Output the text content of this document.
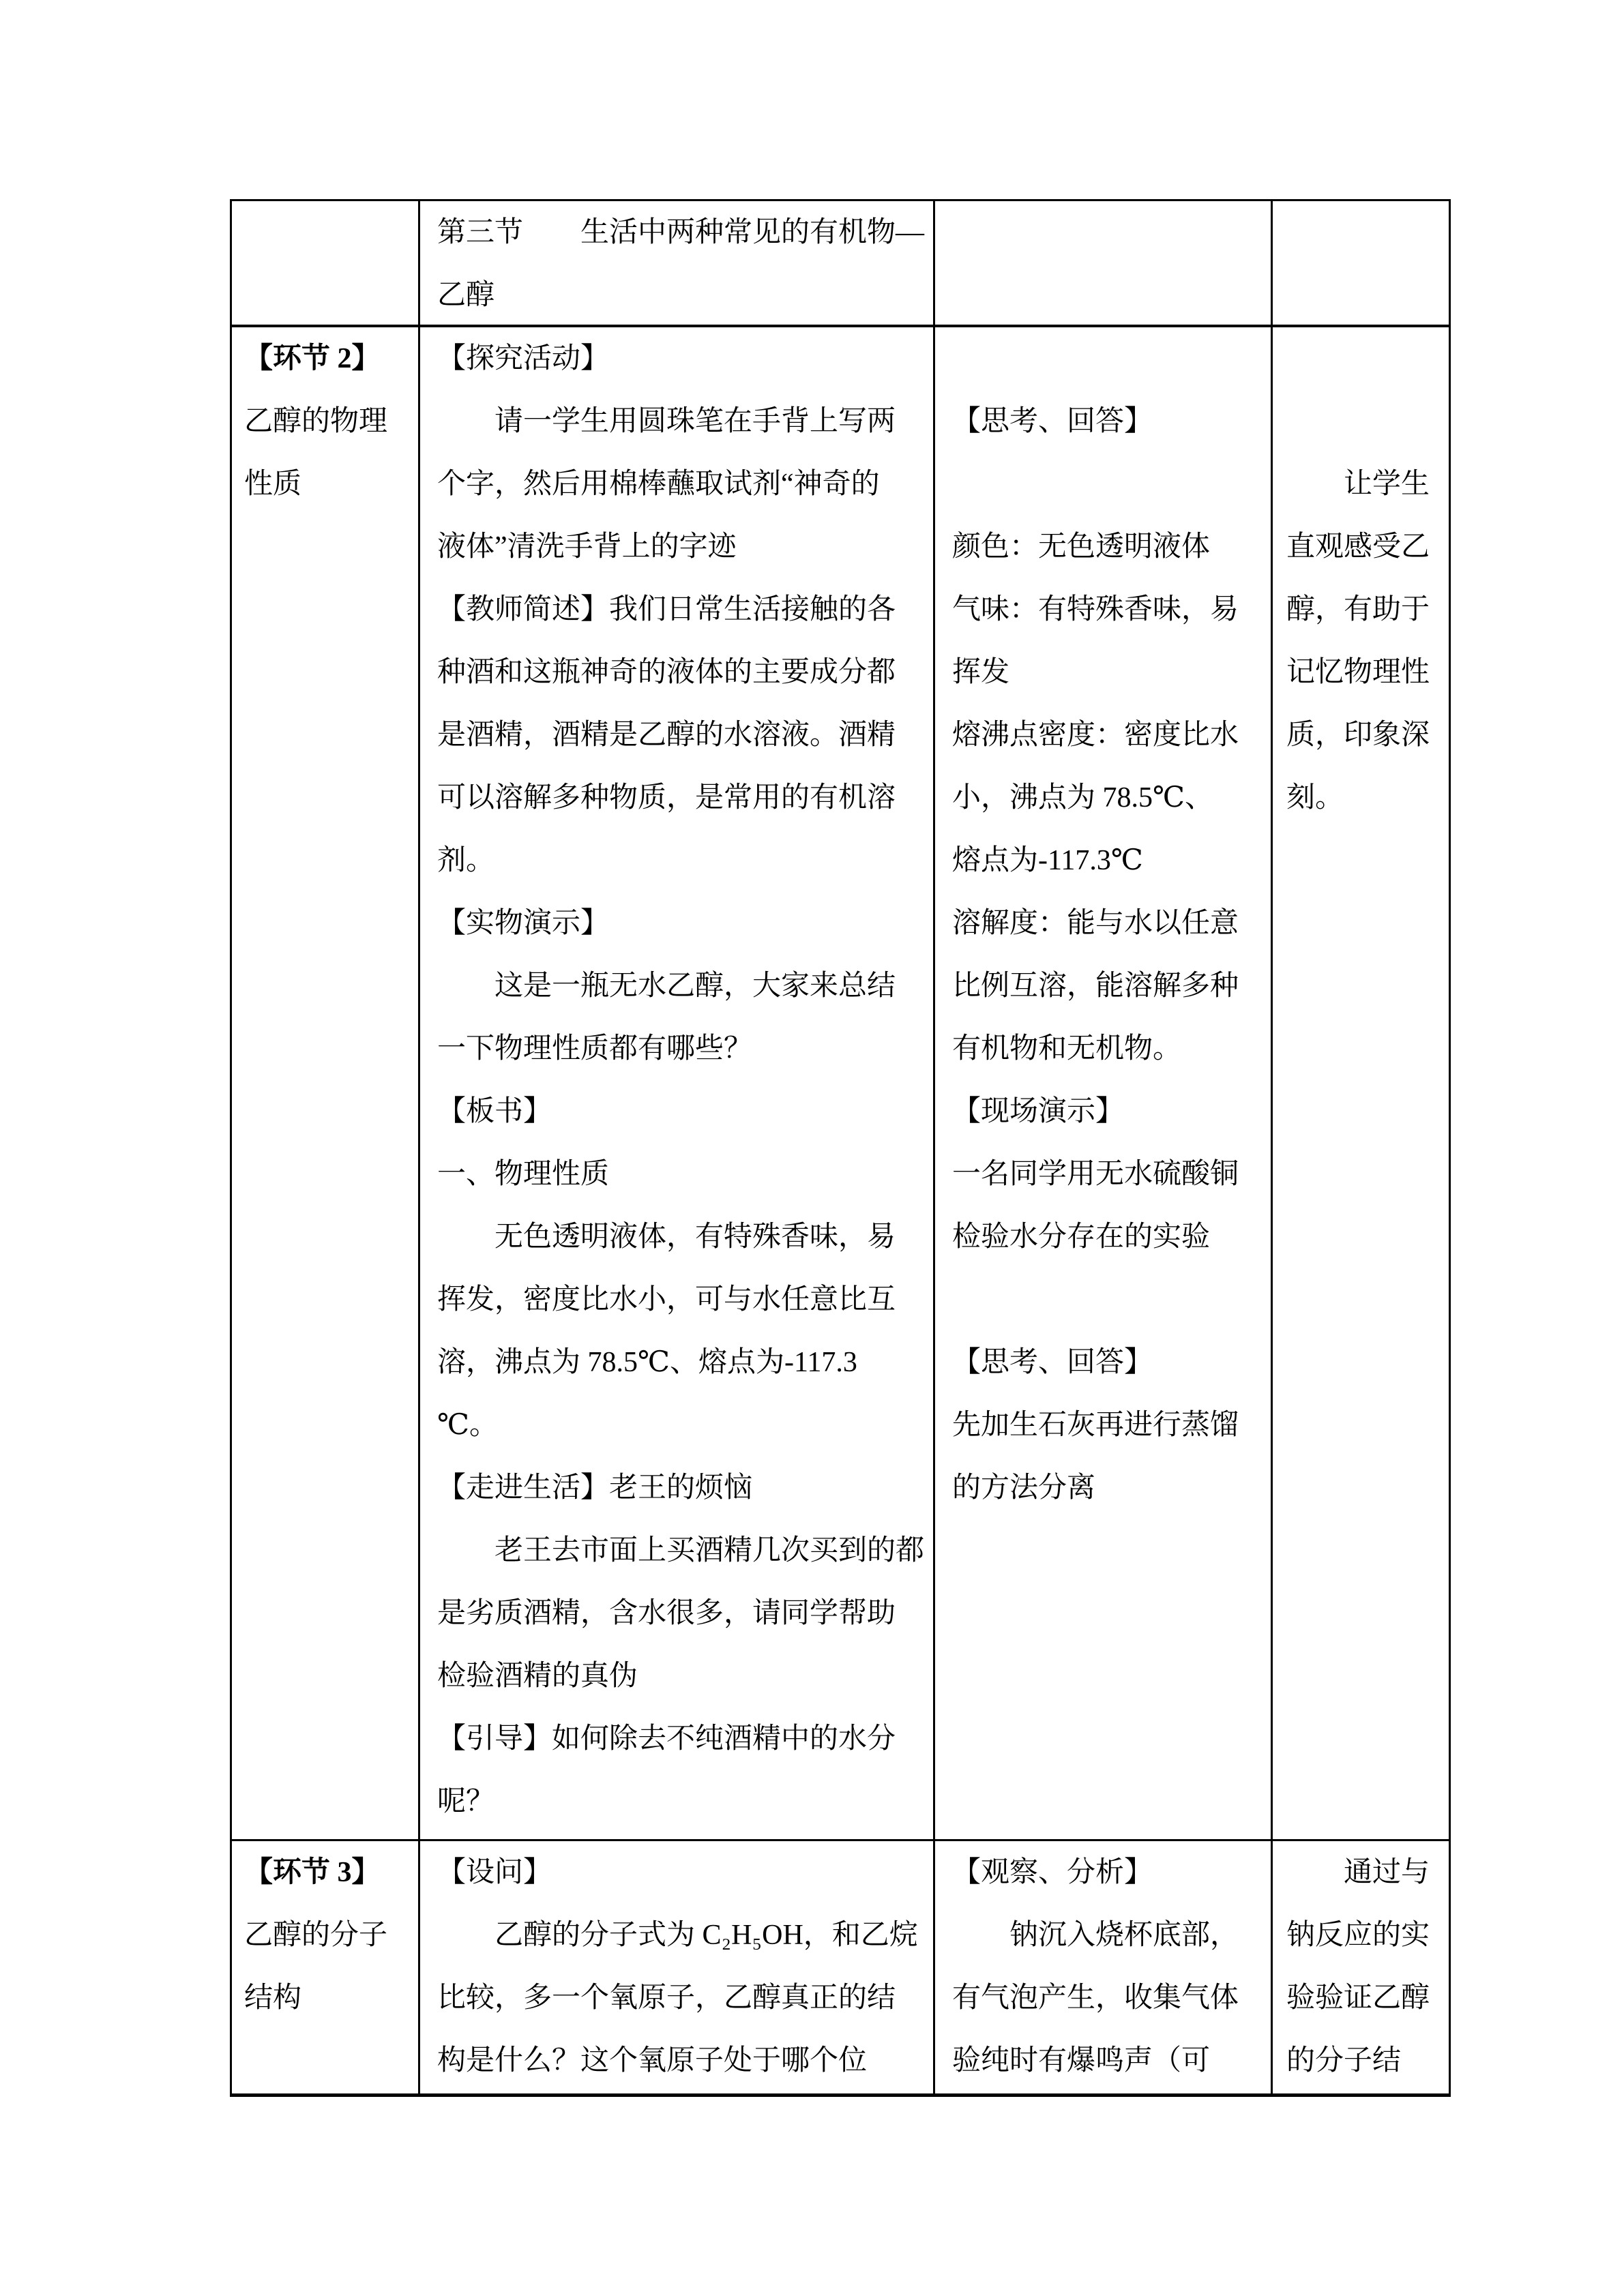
第三节　　生活中两种常见的有机物—
乙醇
【环节 2】
乙醇的物理
性质
【探究活动】
　　请一学生用圆珠笔在手背上写两
个字，然后用棉棒蘸取试剂“神奇的
液体”清洗手背上的字迹
【教师简述】我们日常生活接触的各
种酒和这瓶神奇的液体的主要成分都
是酒精，酒精是乙醇的水溶液。酒精
可以溶解多种物质，是常用的有机溶
剂。
【实物演示】
　　这是一瓶无水乙醇，大家来总结
一下物理性质都有哪些？
【板书】
一、物理性质
　　无色透明液体，有特殊香味，易
挥发，密度比水小，可与水任意比互
溶，沸点为 78.5℃、熔点为-117.3
℃。
【走进生活】老王的烦恼
　　老王去市面上买酒精几次买到的都
是劣质酒精，含水很多，请同学帮助
检验酒精的真伪
【引导】如何除去不纯酒精中的水分
呢？

【思考、回答】

颜色：无色透明液体
气味：有特殊香味，易
挥发
熔沸点密度：密度比水
小，沸点为 78.5℃、
熔点为-117.3℃
溶解度：能与水以任意
比例互溶，能溶解多种
有机物和无机物。
【现场演示】
一名同学用无水硫酸铜
检验水分存在的实验

【思考、回答】
先加生石灰再进行蒸馏
的方法分离

　　让学生
直观感受乙
醇，有助于
记忆物理性
质，印象深
刻。
【环节 3】
乙醇的分子
结构
【设问】
　　乙醇的分子式为 C₂H₅OH，和乙烷
比较，多一个氧原子，乙醇真正的结
构是什么？这个氧原子处于哪个位
【观察、分析】
　　钠沉入烧杯底部，
有气泡产生，收集气体
验纯时有爆鸣声（可
　　通过与
钠反应的实
验验证乙醇
的分子结
